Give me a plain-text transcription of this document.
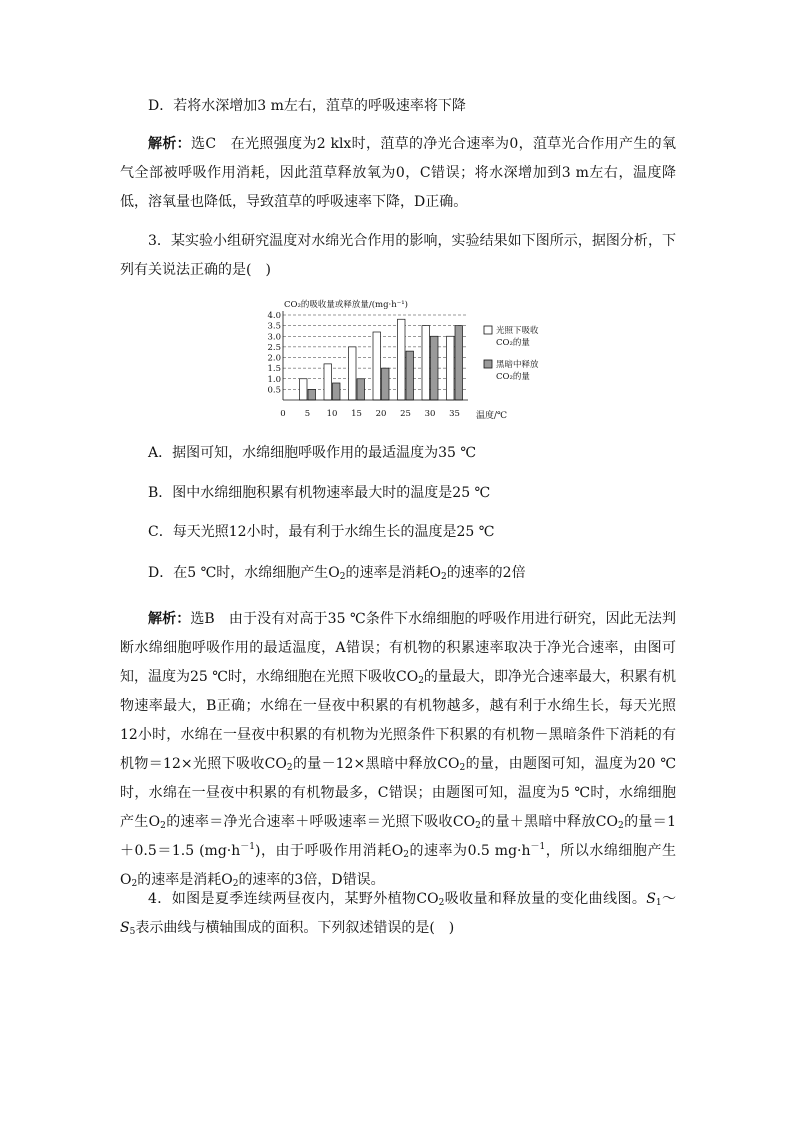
D．若将水深增加3 m左右，菹草的呼吸速率将下降
解析：选C　在光照强度为2 klx时，菹草的净光合速率为0，菹草光合作用产生的氧气全部被呼吸作用消耗，因此菹草释放氧为0，C错误；将水深增加到3 m左右，温度降低，溶氧量也降低，导致菹草的呼吸速率下降，D正确。
3．某实验小组研究温度对水绵光合作用的影响，实验结果如下图所示，据图分析，下列有关说法正确的是(　)
CO₂的吸收量或释放量/(mg·h⁻¹)
0.5
1.0
1.5
2.0
2.5
3.0
3.5
4.0
0 5 10 15 20 25 30 35 温度/℃
光照下吸收
CO₂的量
黑暗中释放
CO₂的量
A．据图可知，水绵细胞呼吸作用的最适温度为35 ℃
B．图中水绵细胞积累有机物速率最大时的温度是25 ℃
C．每天光照12小时，最有利于水绵生长的温度是25 ℃
D．在5 ℃时，水绵细胞产生$O_2$的速率是消耗$O_2$的速率的2倍
解析：选B　由于没有对高于35 ℃条件下水绵细胞的呼吸作用进行研究，因此无法判断水绵细胞呼吸作用的最适温度，A错误；有机物的积累速率取决于净光合速率，由图可知，温度为25 ℃时，水绵细胞在光照下吸收$CO_2$的量最大，即净光合速率最大，积累有机物速率最大，B正确；水绵在一昼夜中积累的有机物越多，越有利于水绵生长，每天光照12小时，水绵在一昼夜中积累的有机物为光照条件下积累的有机物－黑暗条件下消耗的有机物＝12×光照下吸收$CO_2$的量－12×黑暗中释放$CO_2$的量，由题图可知，温度为20 ℃时，水绵在一昼夜中积累的有机物最多，C错误；由题图可知，温度为5 ℃时，水绵细胞产生$O_2$的速率＝净光合速率＋呼吸速率＝光照下吸收$CO_2$的量＋黑暗中释放$CO_2$的量＝1＋0.5＝1.5 $(mg\cdot h^{-1})$，由于呼吸作用消耗$O_2$的速率为0.5 $mg\cdot h^{-1}$，所以水绵细胞产生$O_2$的速率是消耗$O_2$的速率的3倍，D错误。
4．如图是夏季连续两昼夜内，某野外植物$CO_2$吸收量和释放量的变化曲线图。$S_1\sim S_5$表示曲线与横轴围成的面积。下列叙述错误的是(　)
